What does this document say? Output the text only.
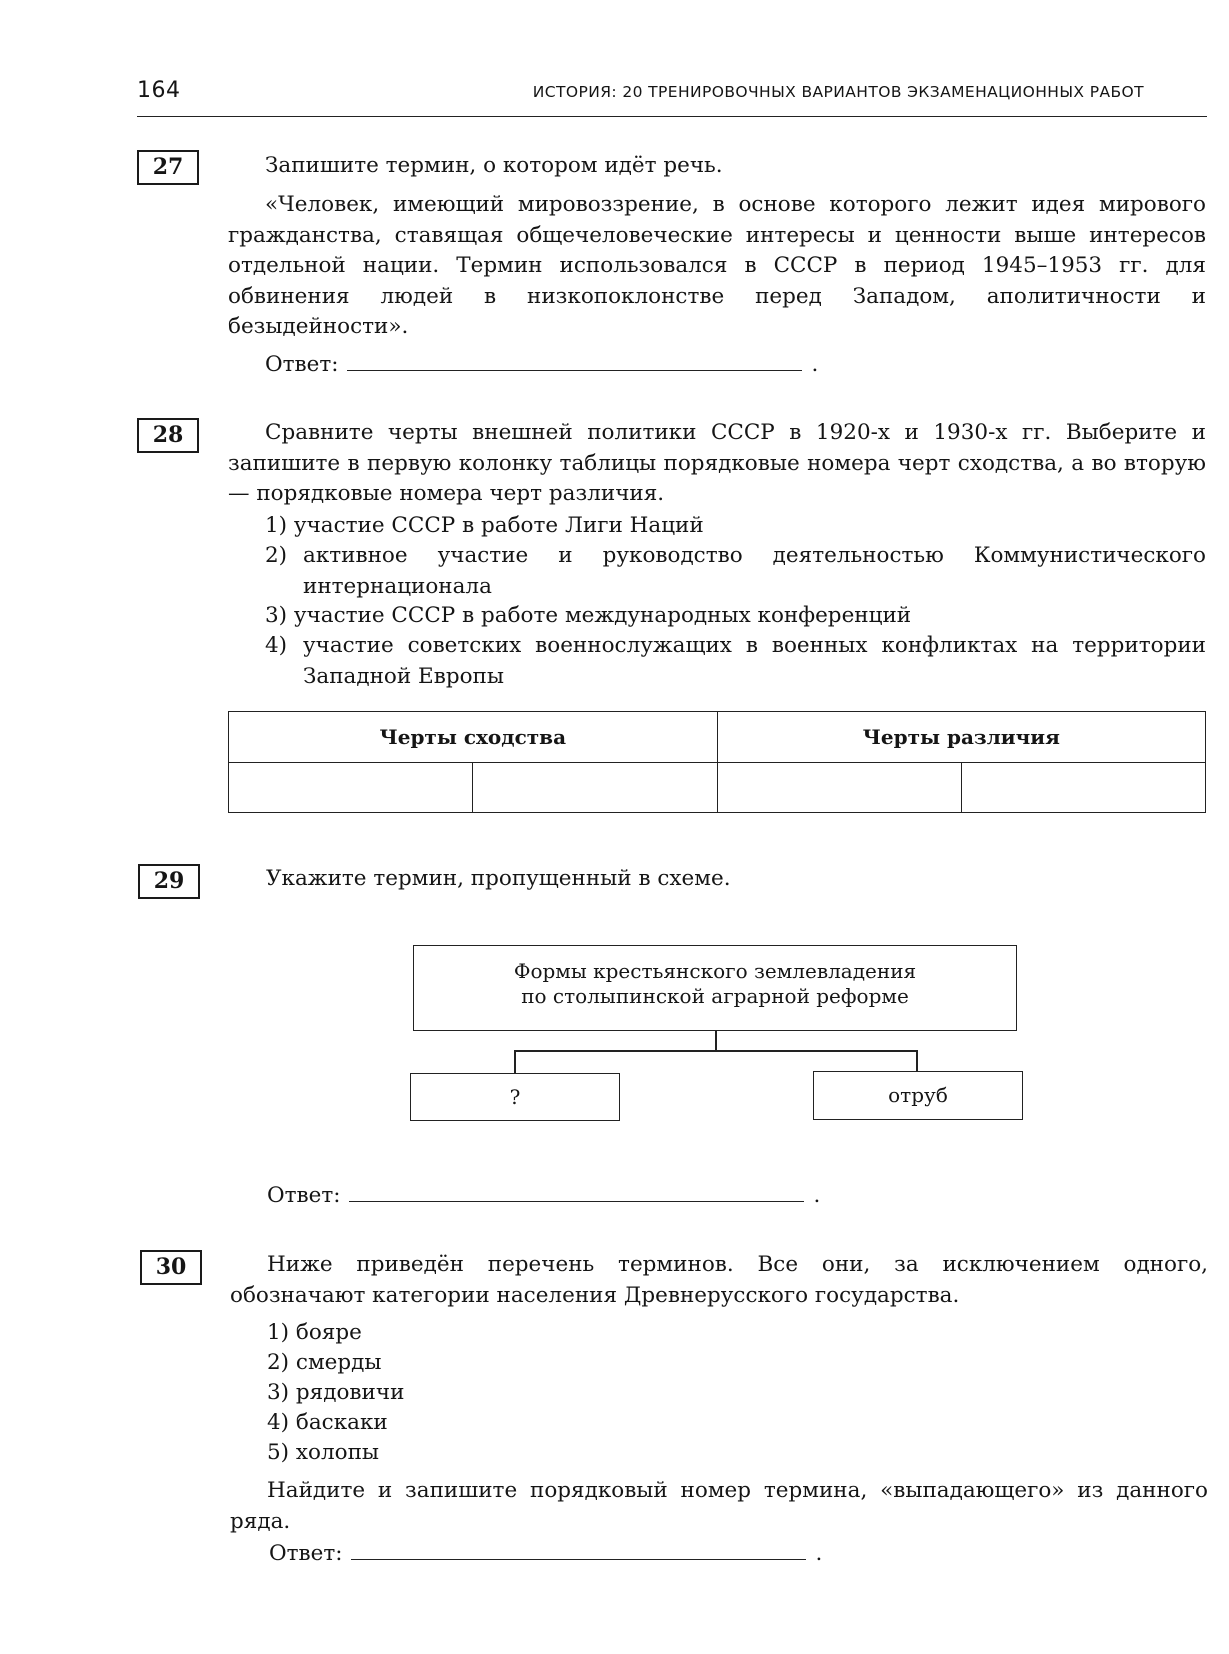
164	ИСТОРИЯ: 20 ТРЕНИРОВОЧНЫХ ВАРИАНТОВ ЭКЗАМЕНАЦИОННЫХ РАБОТ
27	Запишите термин, о котором идёт речь.
«Человек, имеющий мировоззрение, в основе которого лежит идея мирового гражданства, ставящая общечеловеческие интересы и ценности выше интересов отдельной нации. Термин использовался в СССР в период 1945–1953 гг. для обвинения людей в низкопоклонстве перед Западом, аполитичности и безыдейности».
Ответ:	.
28	Сравните черты внешней политики СССР в 1920-х и 1930-х гг. Выберите и запишите в первую колонку таблицы порядковые номера черт сходства, а во вторую — порядковые номера черт различия.
1) участие СССР в работе Лиги Наций
2) активное участие и руководство деятельностью Коммунистического интернационала
3) участие СССР в работе международных конференций
4) участие советских военнослужащих в военных конфликтах на территории Западной Европы
Черты сходства		Черты различия	

29	Укажите термин, пропущенный в схеме.
Формы крестьянского землевладения
по столыпинской аграрной реформе
?	отруб
Ответ:	.
30	Ниже приведён перечень терминов. Все они, за исключением одного, обозначают категории населения Древнерусского государства.
1) бояре
2) смерды
3) рядовичи
4) баскаки
5) холопы
Найдите и запишите порядковый номер термина, «выпадающего» из данного ряда.
Ответ:	.
